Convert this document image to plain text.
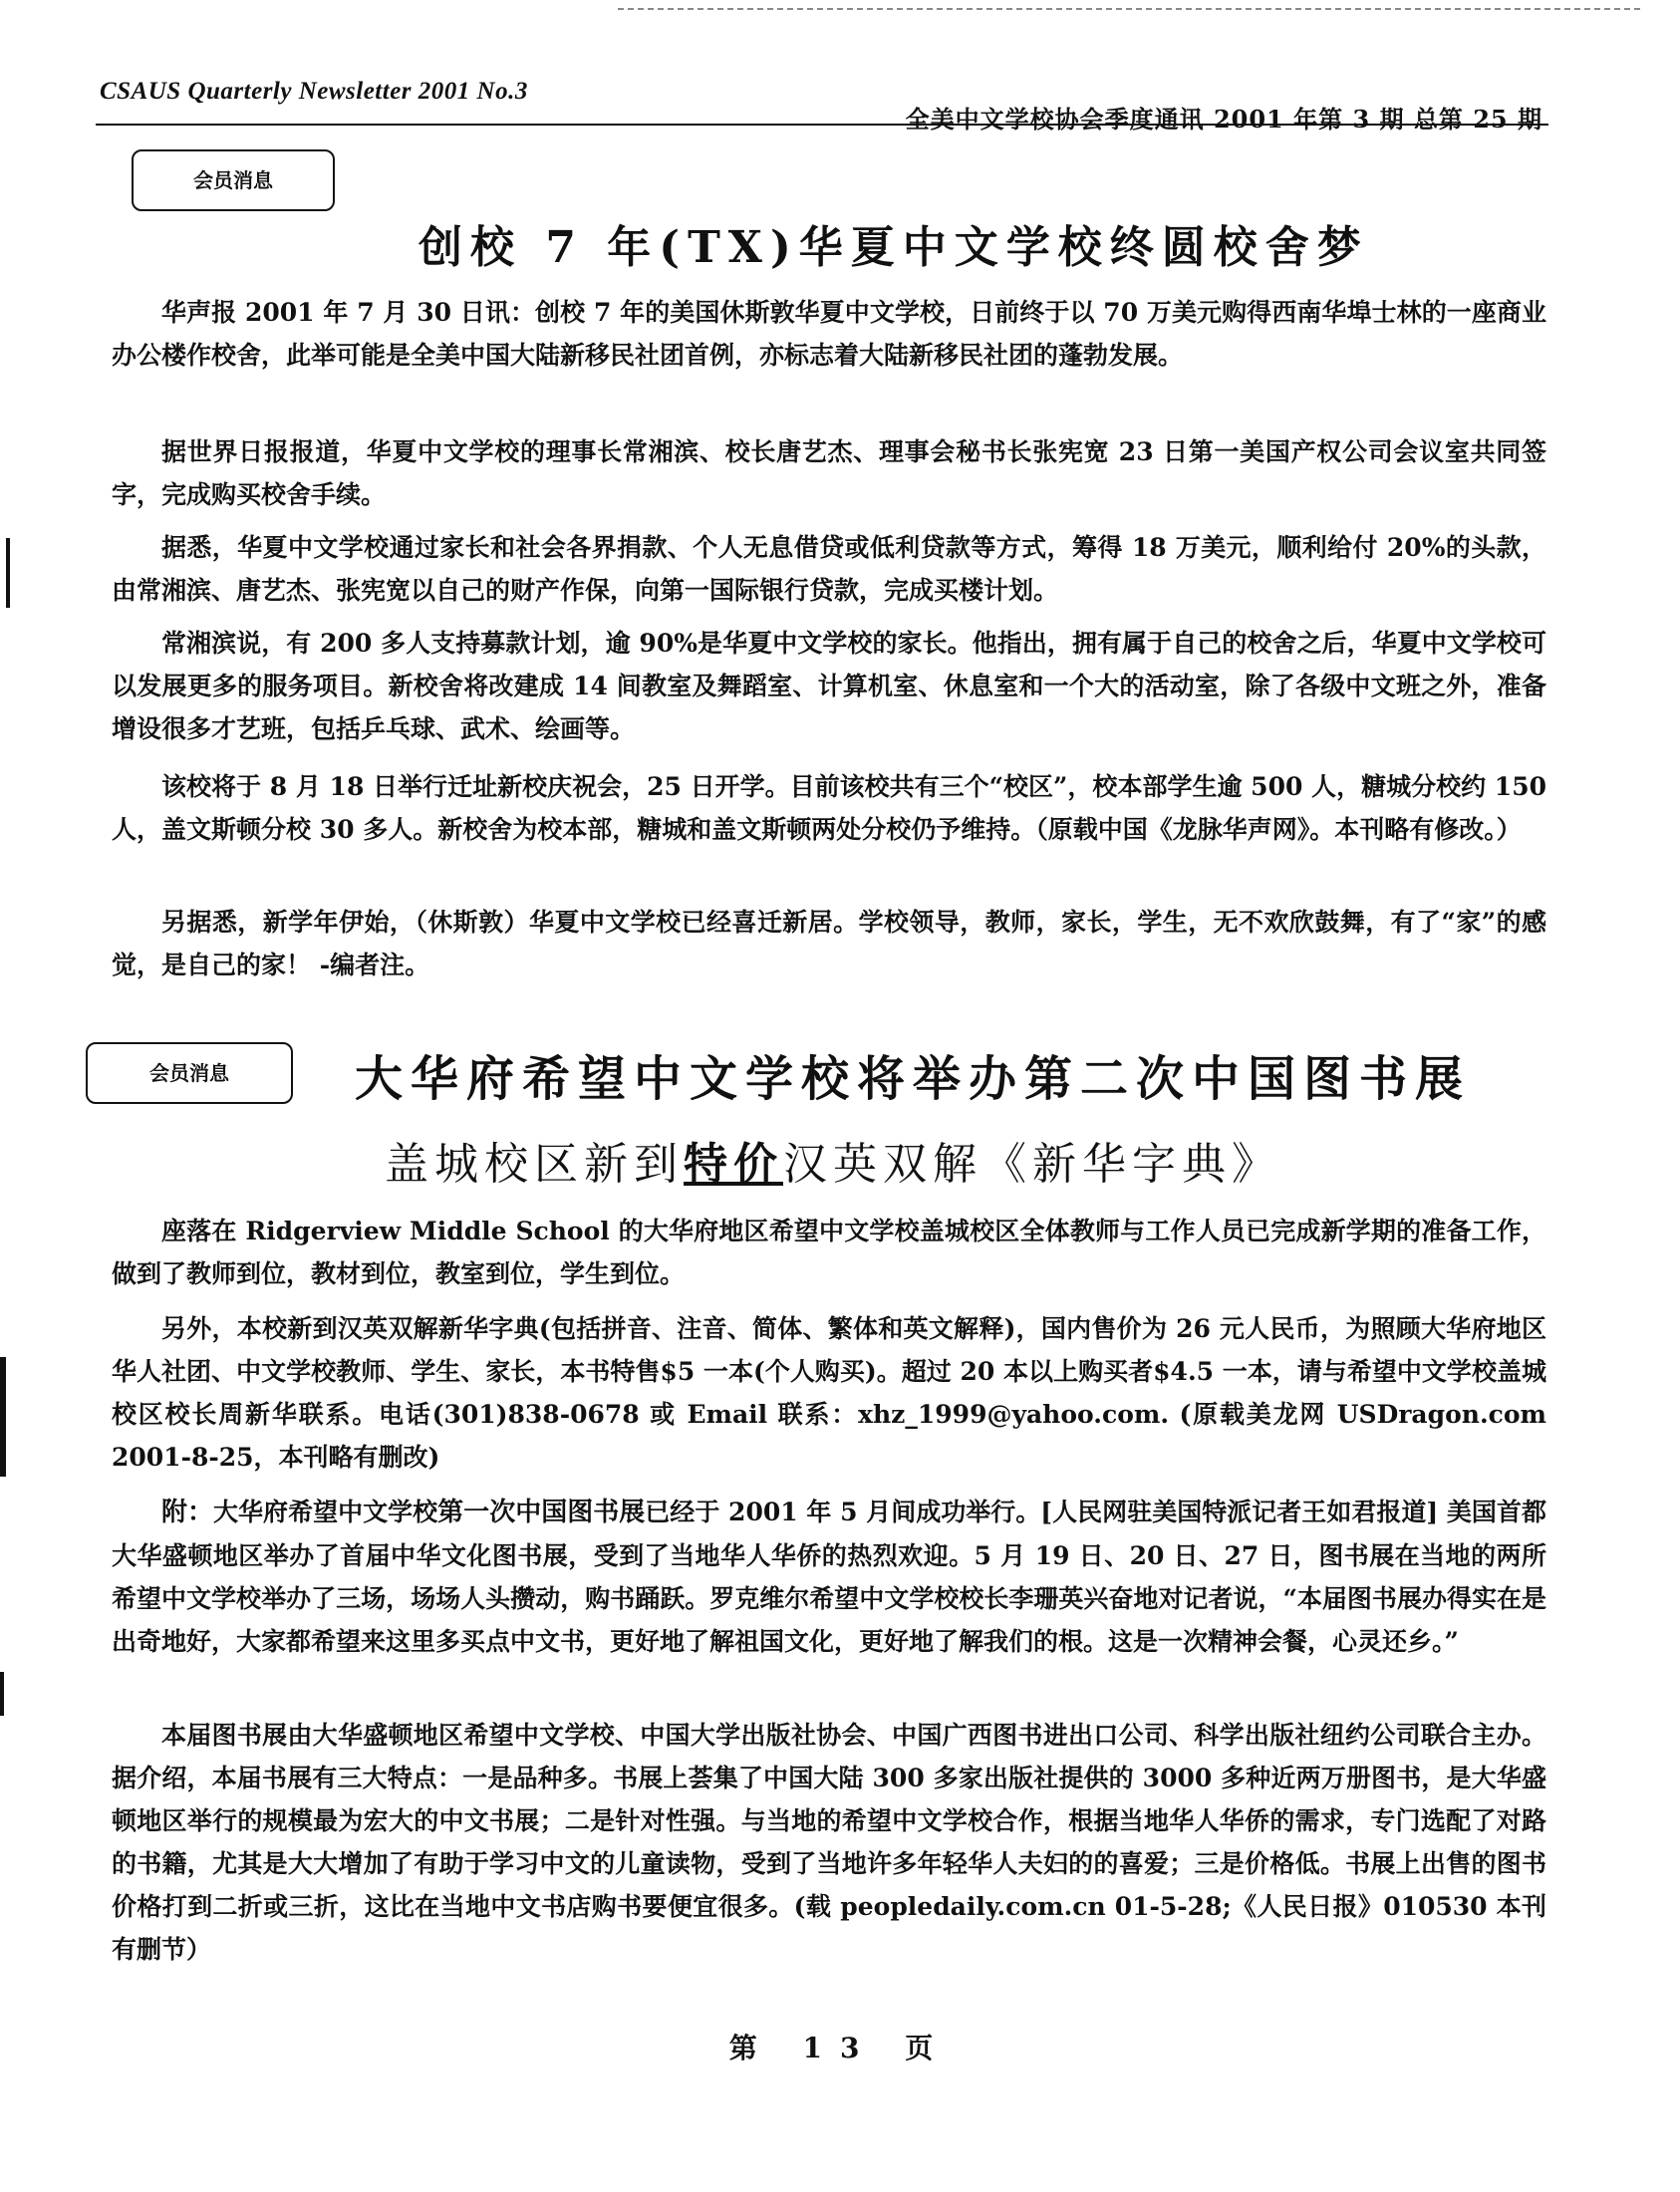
CSAUS Quarterly Newsletter 2001 No.3
全美中文学校协会季度通讯 2001 年第 3 期 总第 25 期
会员消息
创校 7 年(TX)华夏中文学校终圆校舍梦

华声报 2001 年 7 月 30 日讯：创校 7 年的美国休斯敦华夏中文学校，日前终于以 70 万美元购得西南华埠士林的一座商业办公楼作校舍，此举可能是全美中国大陆新移民社团首例，亦标志着大陆新移民社团的蓬勃发展。

据世界日报报道，华夏中文学校的理事长常湘滨、校长唐艺杰、理事会秘书长张宪宽 23 日第一美国产权公司会议室共同签字，完成购买校舍手续。

据悉，华夏中文学校通过家长和社会各界捐款、个人无息借贷或低利贷款等方式，筹得 18 万美元，顺利给付 20%的头款，由常湘滨、唐艺杰、张宪宽以自己的财产作保，向第一国际银行贷款，完成买楼计划。

常湘滨说，有 200 多人支持募款计划，逾 90%是华夏中文学校的家长。他指出，拥有属于自己的校舍之后，华夏中文学校可以发展更多的服务项目。新校舍将改建成 14 间教室及舞蹈室、计算机室、休息室和一个大的活动室，除了各级中文班之外，准备增设很多才艺班，包括乒乓球、武术、绘画等。

该校将于 8 月 18 日举行迁址新校庆祝会，25 日开学。目前该校共有三个“校区”，校本部学生逾 500 人，糖城分校约 150 人，盖文斯顿分校 30 多人。新校舍为校本部，糖城和盖文斯顿两处分校仍予维持。（原载中国《龙脉华声网》。本刊略有修改。）

另据悉，新学年伊始，（休斯敦）华夏中文学校已经喜迁新居。学校领导，教师，家长，学生，无不欢欣鼓舞，有了“家”的感觉，是自己的家！ -编者注。

会员消息	大华府希望中文学校将举办第二次中国图书展
盖城校区新到特价汉英双解《新华字典》

座落在 Ridgerview Middle School 的大华府地区希望中文学校盖城校区全体教师与工作人员已完成新学期的准备工作，做到了教师到位，教材到位，教室到位，学生到位。

另外，本校新到汉英双解新华字典(包括拼音、注音、简体、繁体和英文解释)，国内售价为 26 元人民币，为照顾大华府地区华人社团、中文学校教师、学生、家长，本书特售$5 一本(个人购买)。超过 20 本以上购买者$4.5 一本，请与希望中文学校盖城校区校长周新华联系。电话(301)838-0678 或 Email 联系：xhz_1999@yahoo.com. (原载美龙网 USDragon.com 2001-8-25，本刊略有删改)

附：大华府希望中文学校第一次中国图书展已经于 2001 年 5 月间成功举行。[人民网驻美国特派记者王如君报道] 美国首都大华盛顿地区举办了首届中华文化图书展，受到了当地华人华侨的热烈欢迎。5 月 19 日、20 日、27 日，图书展在当地的两所希望中文学校举办了三场，场场人头攒动，购书踊跃。罗克维尔希望中文学校校长李珊英兴奋地对记者说，“本届图书展办得实在是出奇地好，大家都希望来这里多买点中文书，更好地了解祖国文化，更好地了解我们的根。这是一次精神会餐，心灵还乡。”

本届图书展由大华盛顿地区希望中文学校、中国大学出版社协会、中国广西图书进出口公司、科学出版社纽约公司联合主办。据介绍，本届书展有三大特点：一是品种多。书展上荟集了中国大陆 300 多家出版社提供的 3000 多种近两万册图书，是大华盛顿地区举行的规模最为宏大的中文书展；二是针对性强。与当地的希望中文学校合作，根据当地华人华侨的需求，专门选配了对路的书籍，尤其是大大增加了有助于学习中文的儿童读物，受到了当地许多年轻华人夫妇的的喜爱；三是价格低。书展上出售的图书价格打到二折或三折，这比在当地中文书店购书要便宜很多。(载 peopledaily.com.cn 01-5-28;《人民日报》010530 本刊有删节）

第 13 页
